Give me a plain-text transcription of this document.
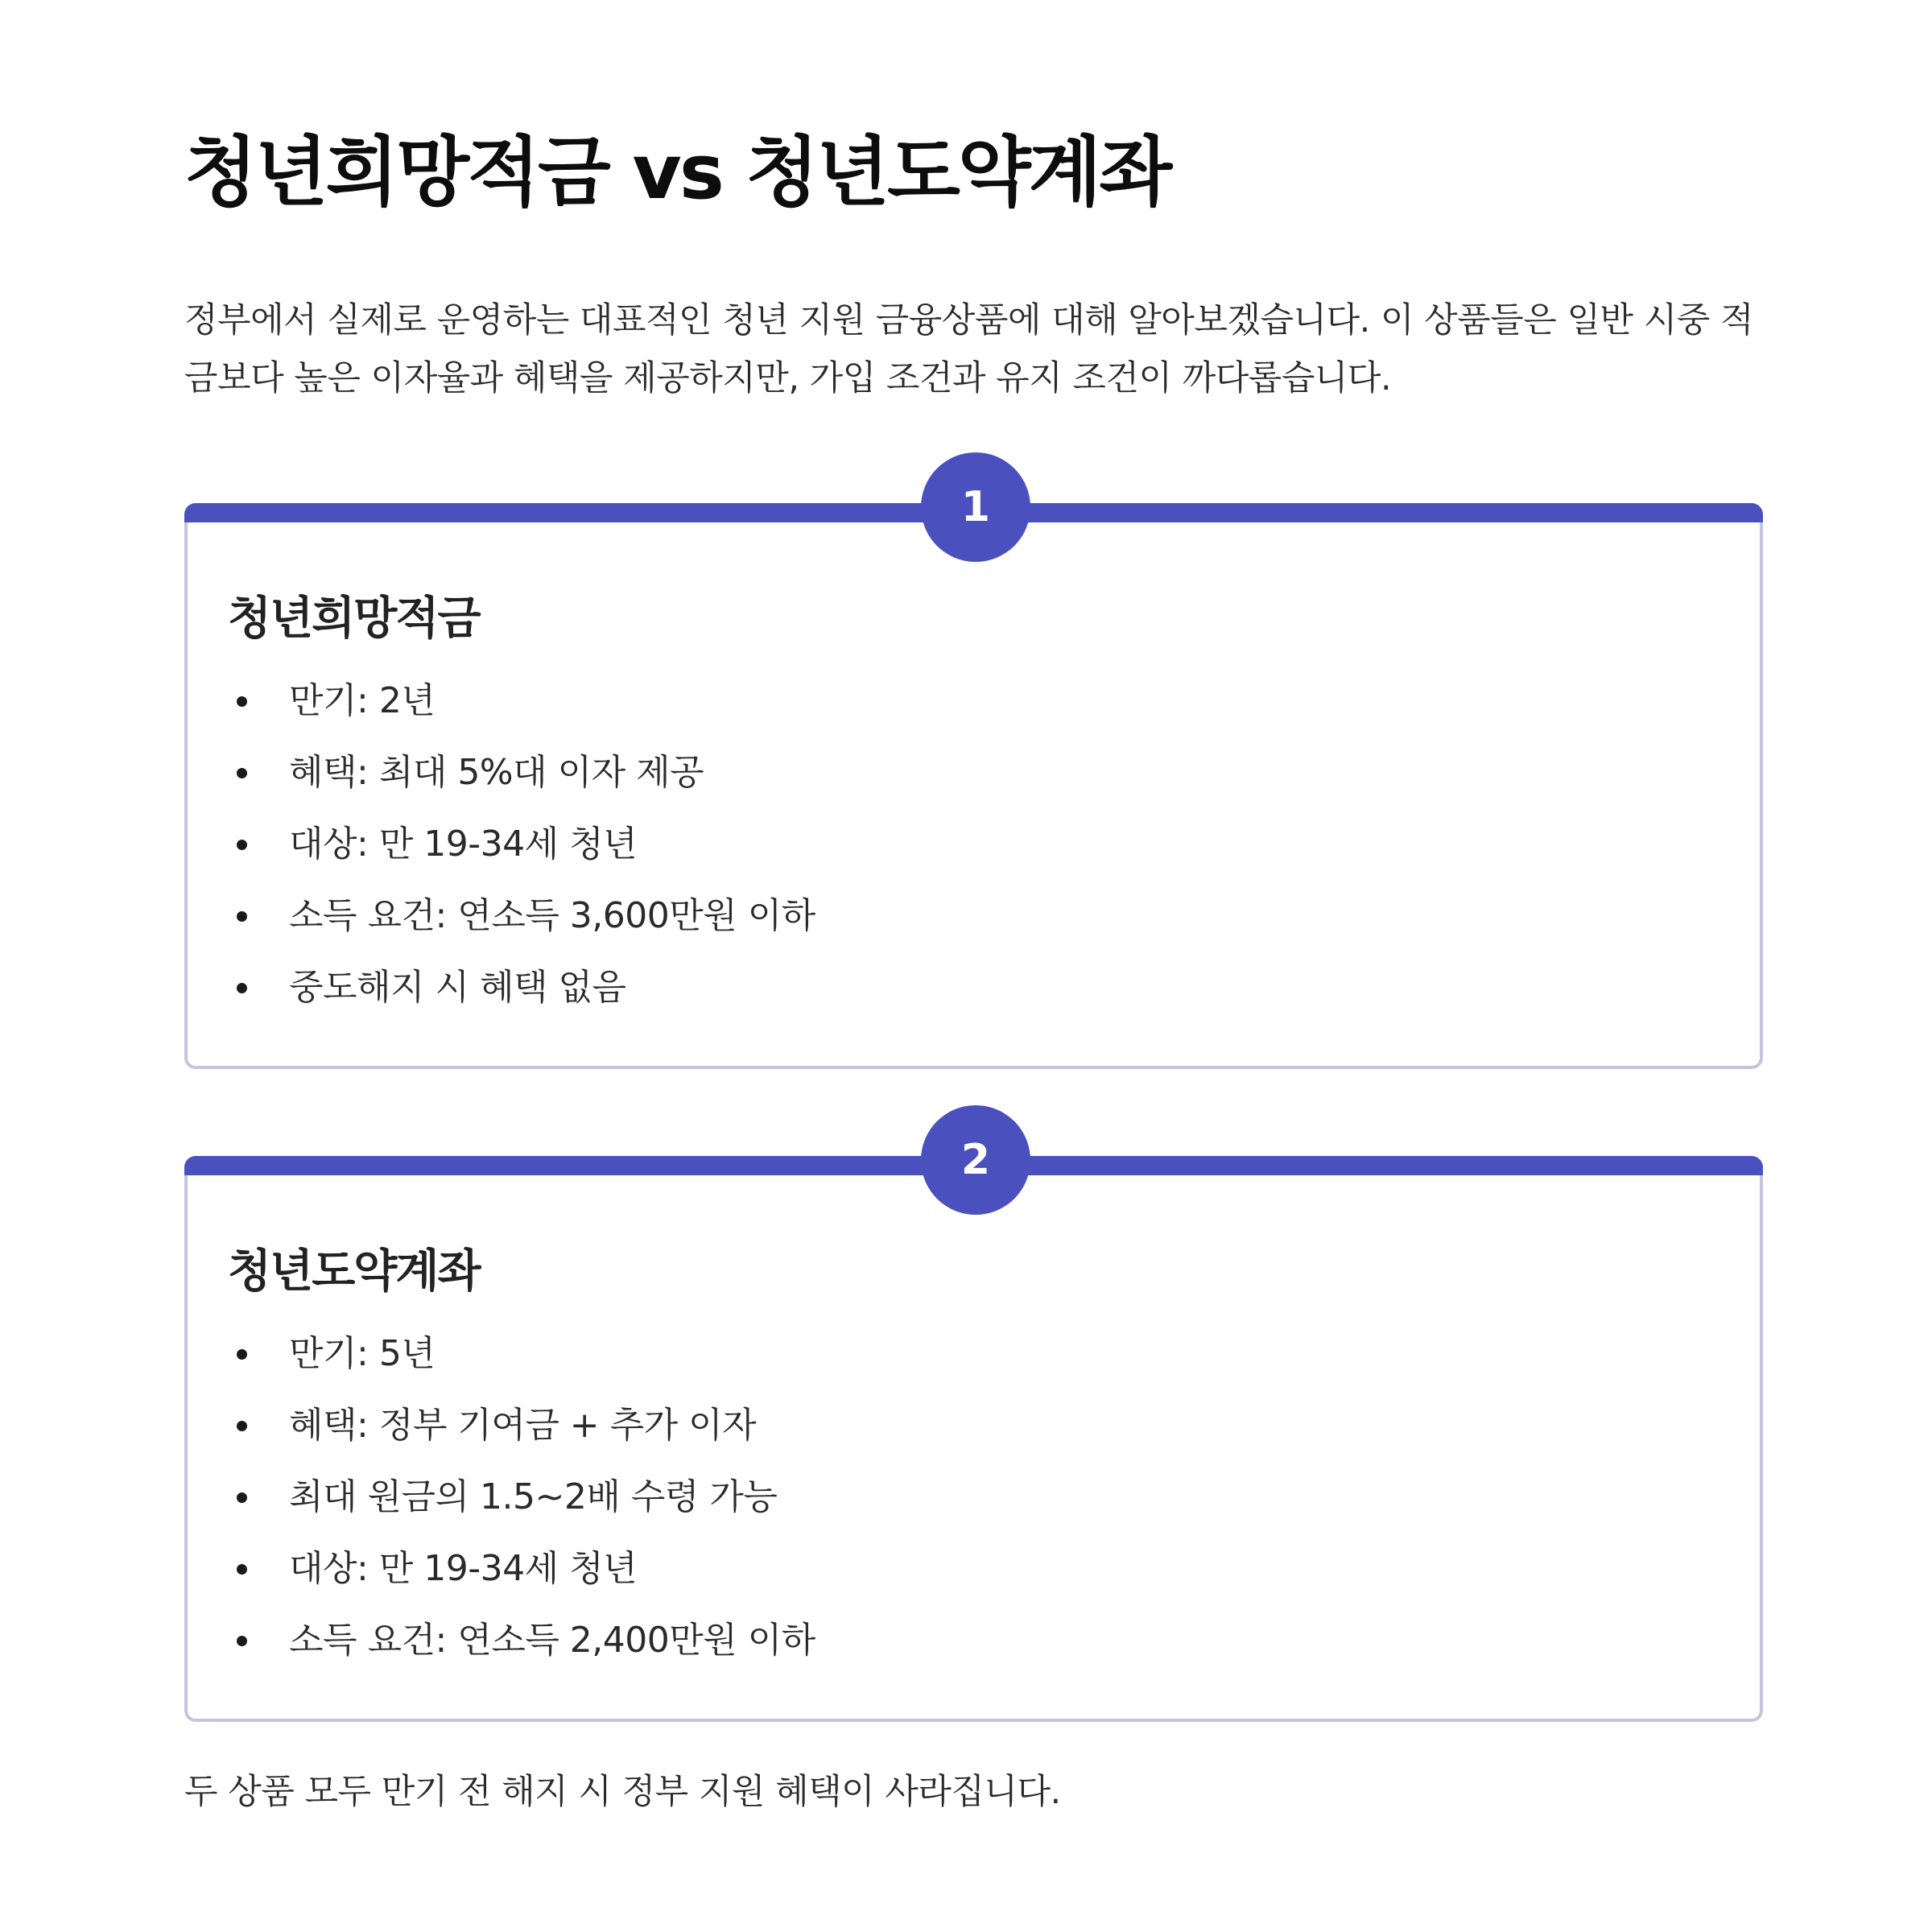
청년희망적금 vs 청년도약계좌

정부에서 실제로 운영하는 대표적인 청년 지원 금융상품에 대해 알아보겠습니다. 이 상품들은 일반 시중 적금보다 높은 이자율과 혜택을 제공하지만, 가입 조건과 유지 조건이 까다롭습니다.

1
청년희망적금
만기: 2년
혜택: 최대 5%대 이자 제공
대상: 만 19-34세 청년
소득 요건: 연소득 3,600만원 이하
중도해지 시 혜택 없음
2
청년도약계좌
만기: 5년
혜택: 정부 기여금 + 추가 이자
최대 원금의 1.5~2배 수령 가능
대상: 만 19-34세 청년
소득 요건: 연소득 2,400만원 이하

두 상품 모두 만기 전 해지 시 정부 지원 혜택이 사라집니다.
